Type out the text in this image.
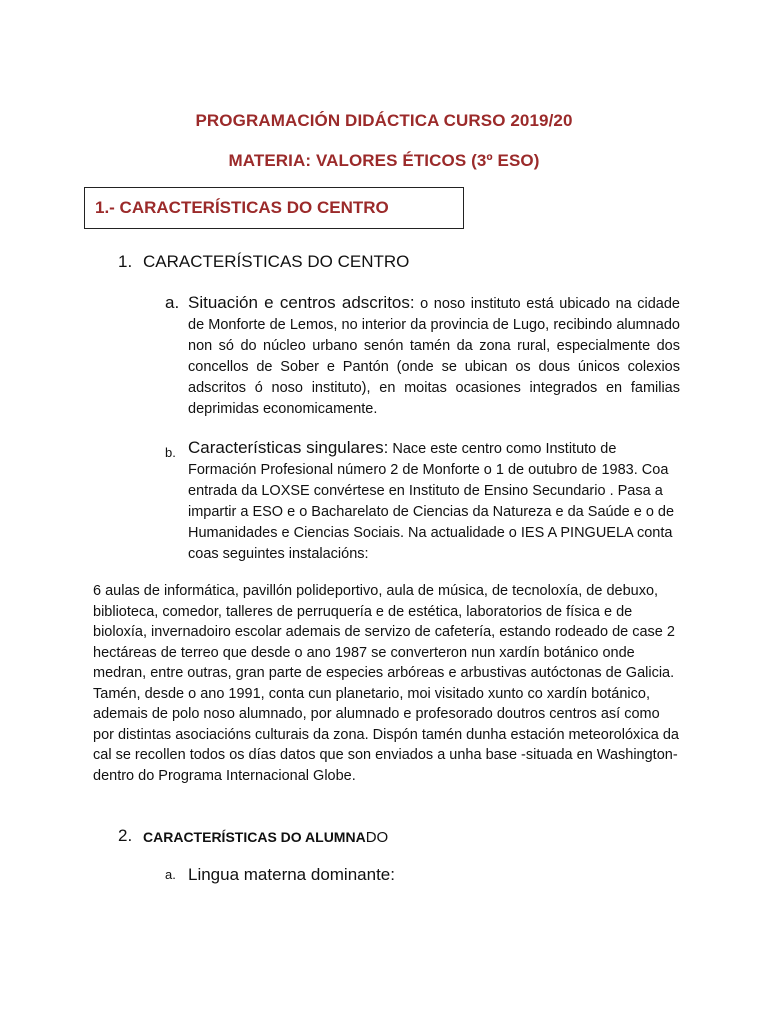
PROGRAMACIÓN DIDÁCTICA CURSO 2019/20
MATERIA: VALORES ÉTICOS (3º ESO)
1.- CARACTERÍSTICAS DO CENTRO
1. CARACTERÍSTICAS DO CENTRO
a. Situación e centros adscritos: o noso instituto está ubicado na cidade de Monforte de Lemos, no interior da provincia de Lugo, recibindo alumnado non só do núcleo urbano senón tamén da zona rural, especialmente dos concellos de Sober e Pantón (onde se ubican os dous únicos colexios adscritos ó noso instituto), en moitas ocasiones integrados en familias deprimidas economicamente.
b. Características singulares: Nace este centro como Instituto de Formación Profesional número 2 de Monforte o 1 de outubro de 1983. Coa entrada da LOXSE convértese en Instituto de Ensino Secundario . Pasa a impartir a ESO e o Bacharelato de Ciencias da Natureza e da Saúde e o de Humanidades e Ciencias Sociais. Na actualidade o IES A PINGUELA conta coas seguintes instalacións:
6 aulas de informática, pavillón polideportivo, aula de música, de tecnoloxía, de debuxo, biblioteca, comedor, talleres de perruquería e de estética, laboratorios de física e de bioloxía, invernadoiro escolar ademais de servizo de cafetería, estando rodeado de case 2 hectáreas de terreo que desde o ano 1987 se converteron nun xardín botánico onde medran, entre outras, gran parte de especies arbóreas e arbustivas autóctonas de Galicia. Tamén, desde o ano 1991, conta cun planetario, moi visitado xunto co xardín botánico, ademais de polo noso alumnado, por alumnado e profesorado doutros centros así como por distintas asociacións culturais da zona. Dispón tamén dunha estación meteorolóxica da cal se recollen todos os días datos que son enviados a unha base -situada en Washington- dentro do Programa Internacional Globe.
2. CARACTERÍSTICAS DO ALUMNADO
a. Lingua materna dominante:
